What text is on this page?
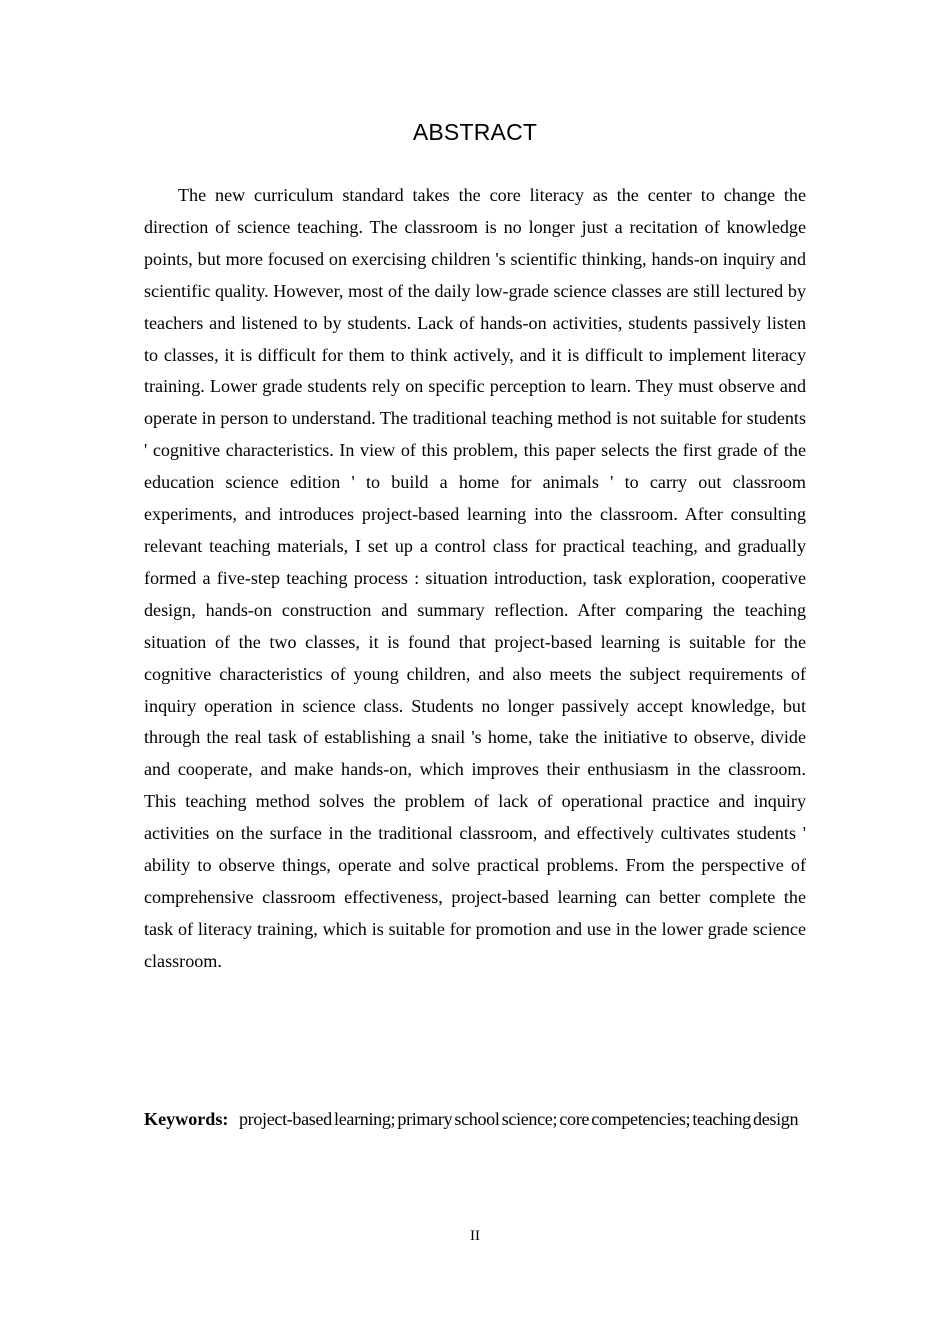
ABSTRACT

The new curriculum standard takes the core literacy as the center to change the direction of science teaching. The classroom is no longer just a recitation of knowledge points, but more focused on exercising children 's scientific thinking, hands-on inquiry and scientific quality. However, most of the daily low-grade science classes are still lectured by teachers and listened to by students. Lack of hands-on activities, students passively listen to classes, it is difficult for them to think actively, and it is difficult to implement literacy training. Lower grade students rely on specific perception to learn. They must observe and operate in person to understand. The traditional teaching method is not suitable for students ' cognitive characteristics. In view of this problem, this paper selects the first grade of the education science edition ' to build a home for animals ' to carry out classroom experiments, and introduces project-based learning into the classroom. After consulting relevant teaching materials, I set up a control class for practical teaching, and gradually formed a five-step teaching process : situation introduction, task exploration, cooperative design, hands-on construction and summary reflection. After comparing the teaching situation of the two classes, it is found that project-based learning is suitable for the cognitive characteristics of young children, and also meets the subject requirements of inquiry operation in science class. Students no longer passively accept knowledge, but through the real task of establishing a snail 's home, take the initiative to observe, divide and cooperate, and make hands-on, which improves their enthusiasm in the classroom. This teaching method solves the problem of lack of operational practice and inquiry activities on the surface in the traditional classroom, and effectively cultivates students ' ability to observe things, operate and solve practical problems. From the perspective of comprehensive classroom effectiveness, project-based learning can better complete the task of literacy training, which is suitable for promotion and use in the lower grade science classroom.

Keywords: project-based learning; primary school science; core competencies; teaching design

II
